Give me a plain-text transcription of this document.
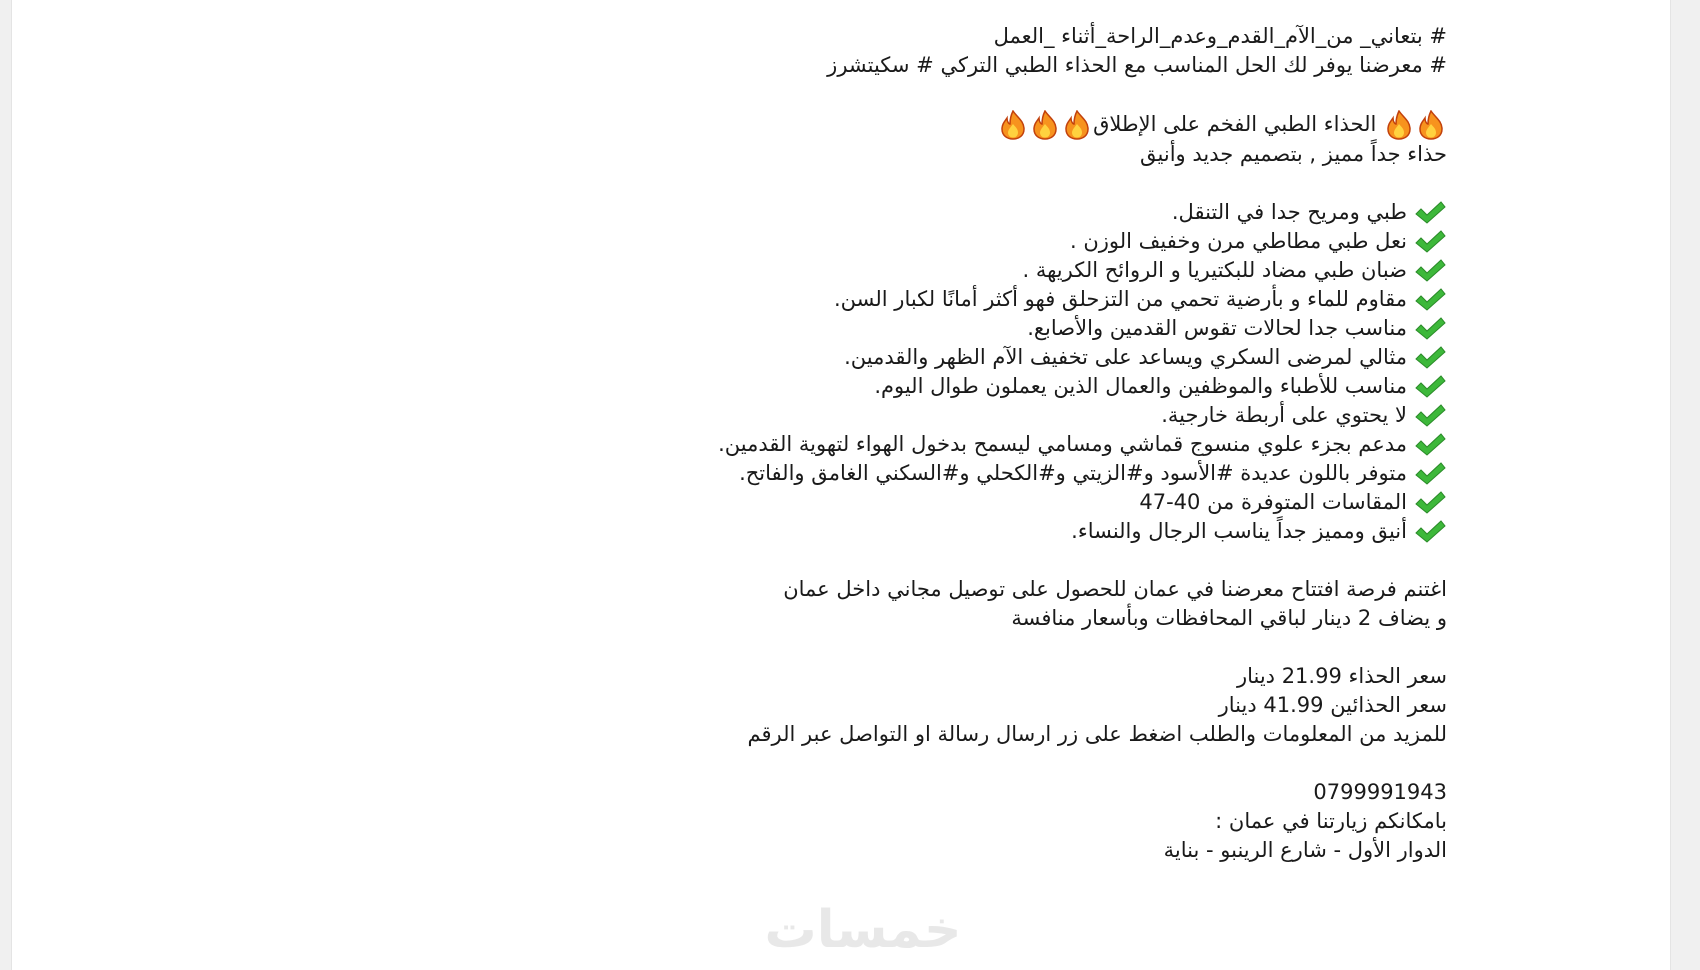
# بتعاني_ من_الآم_القدم_وعدم_الراحة_أثناء _العمل
# معرضنا يوفر لك الحل المناسب مع الحذاء الطبي التركي # سكيتشرز
الحذاء الطبي الفخم على الإطلاق
حذاء جداً مميز , بتصميم جديد وأنيق
طبي ومريح جدا في التنقل.
نعل طبي مطاطي مرن وخفيف الوزن .
ضبان طبي مضاد للبكتيريا و الروائح الكريهة .
مقاوم للماء و بأرضية تحمي من التزحلق فهو أكثر أمانًا لكبار السن.
مناسب جدا لحالات تقوس القدمين والأصابع.
مثالي لمرضى السكري ويساعد على تخفيف الآم الظهر والقدمين.
مناسب للأطباء والموظفين والعمال الذين يعملون طوال اليوم.
لا يحتوي على أربطة خارجية.
مدعم بجزء علوي منسوج قماشي ومسامي ليسمح بدخول الهواء لتهوية القدمين.
متوفر باللون عديدة #الأسود و#الزيتي و#الكحلي و#السكني الغامق والفاتح.
المقاسات المتوفرة من 40-47
أنيق ومميز جداً يناسب الرجال والنساء.
اغتنم فرصة افتتاح معرضنا في عمان للحصول على توصيل مجاني داخل عمان
و يضاف 2 دينار لباقي المحافظات وبأسعار منافسة
سعر الحذاء 21.99 دينار
سعر الحذائين 41.99 دينار
للمزيد من المعلومات والطلب اضغط على زر ارسال رسالة او التواصل عبر الرقم
0799991943
بامكانكم زيارتنا في عمان :
الدوار الأول - شارع الرينبو - بناية
خمسات
